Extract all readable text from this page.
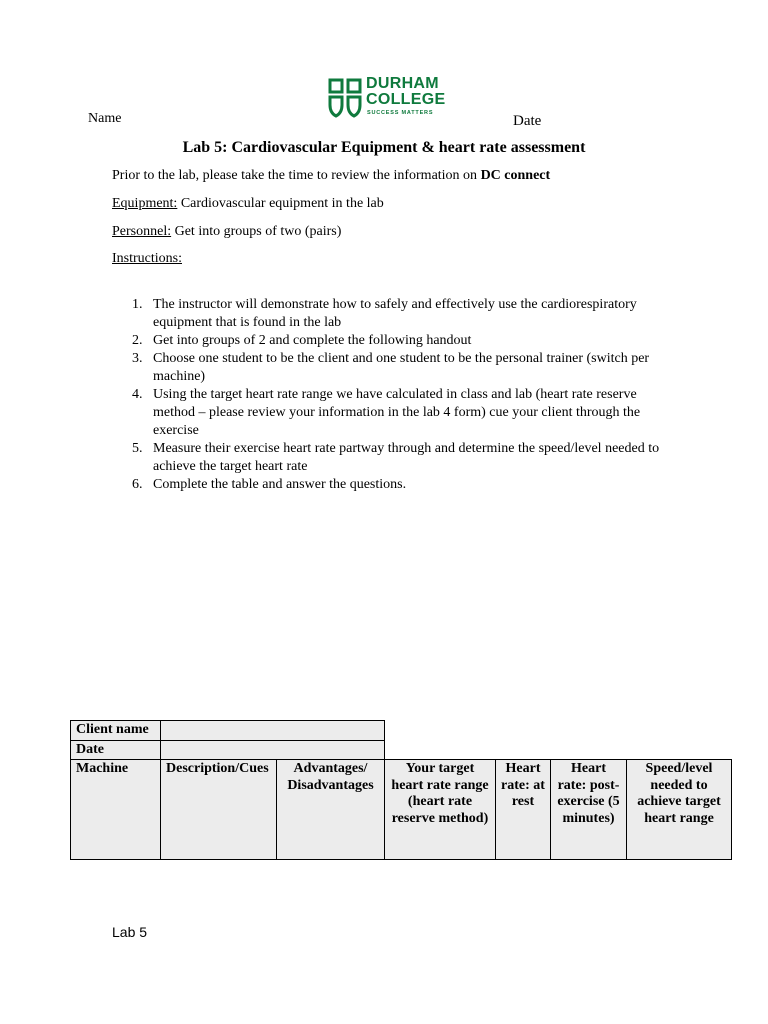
DURHAM
COLLEGE
SUCCESS MATTERS
Name	Date
Lab 5: Cardiovascular Equipment & heart rate assessment
Prior to the lab, please take the time to review the information on DC connect
Equipment: Cardiovascular equipment in the lab
Personnel: Get into groups of two (pairs)
Instructions:
1. The instructor will demonstrate how to safely and effectively use the cardiorespiratory equipment that is found in the lab
2. Get into groups of 2 and complete the following handout
3. Choose one student to be the client and one student to be the personal trainer (switch per machine)
4. Using the target heart rate range we have calculated in class and lab (heart rate reserve method – please review your information in the lab 4 form) cue your client through the exercise
5. Measure their exercise heart rate partway through and determine the speed/level needed to achieve the target heart rate
6. Complete the table and answer the questions.
Client name						
Date						
Machine	Description/Cues	Advantages/ Disadvantages	Your target heart rate range (heart rate reserve method)	Heart rate: at rest	Heart rate: post-exercise (5 minutes)	Speed/level needed to achieve target heart range
Lab 5
